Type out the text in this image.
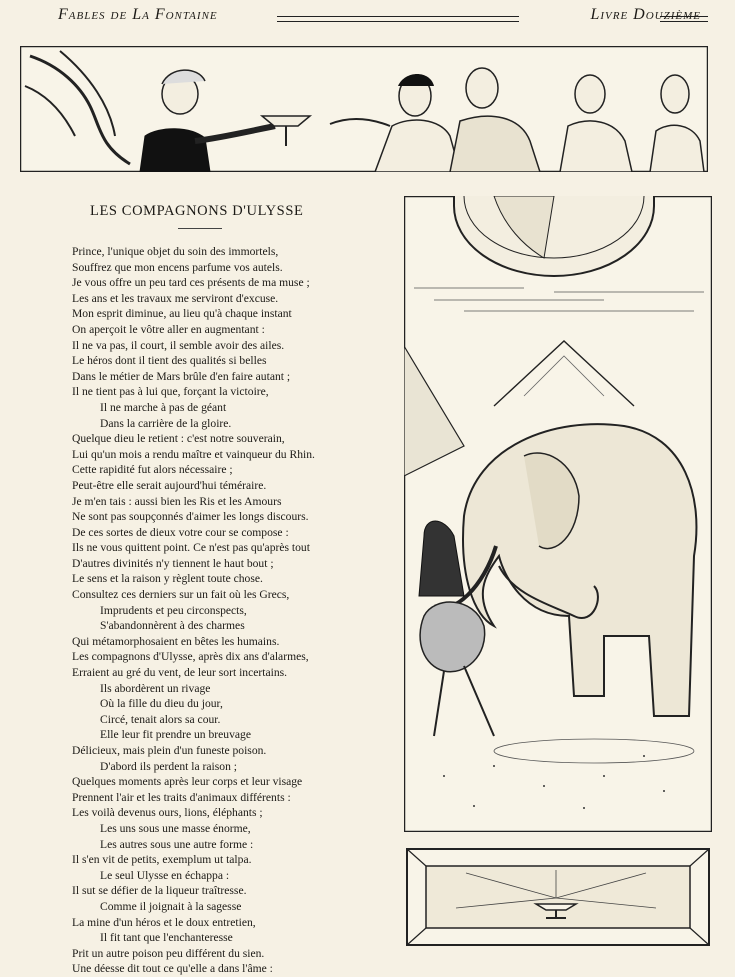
Fables de La Fontaine	Livre Douzième
LES COMPAGNONS D'ULYSSE
Prince, l'unique objet du soin des immortels,
Souffrez que mon encens parfume vos autels.
Je vous offre un peu tard ces présents de ma muse ;
Les ans et les travaux me serviront d'excuse.
Mon esprit diminue, au lieu qu'à chaque instant
On aperçoit le vôtre aller en augmentant :
Il ne va pas, il court, il semble avoir des ailes.
Le héros dont il tient des qualités si belles
Dans le métier de Mars brûle d'en faire autant ;
Il ne tient pas à lui que, forçant la victoire,
Il ne marche à pas de géant
Dans la carrière de la gloire.
Quelque dieu le retient : c'est notre souverain,
Lui qu'un mois a rendu maître et vainqueur du Rhin.
Cette rapidité fut alors nécessaire ;
Peut-être elle serait aujourd'hui téméraire.
Je m'en tais : aussi bien les Ris et les Amours
Ne sont pas soupçonnés d'aimer les longs discours.
De ces sortes de dieux votre cour se compose :
Ils ne vous quittent point. Ce n'est pas qu'après tout
D'autres divinités n'y tiennent le haut bout ;
Le sens et la raison y règlent toute chose.
Consultez ces derniers sur un fait où les Grecs,
Imprudents et peu circonspects,
S'abandonnèrent à des charmes
Qui métamorphosaient en bêtes les humains.
Les compagnons d'Ulysse, après dix ans d'alarmes,
Erraient au gré du vent, de leur sort incertains.
Ils abordèrent un rivage
Où la fille du dieu du jour,
Circé, tenait alors sa cour.
Elle leur fit prendre un breuvage
Délicieux, mais plein d'un funeste poison.
D'abord ils perdent la raison ;
Quelques moments après leur corps et leur visage
Prennent l'air et les traits d'animaux différents :
Les voilà devenus ours, lions, éléphants ;
Les uns sous une masse énorme,
Les autres sous une autre forme :
Il s'en vit de petits, exemplum ut talpa.
Le seul Ulysse en échappa :
Il sut se défier de la liqueur traîtresse.
Comme il joignait à la sagesse
La mine d'un héros et le doux entretien,
Il fit tant que l'enchanteresse
Prit un autre poison peu différent du sien.
Une déesse dit tout ce qu'elle a dans l'âme :
